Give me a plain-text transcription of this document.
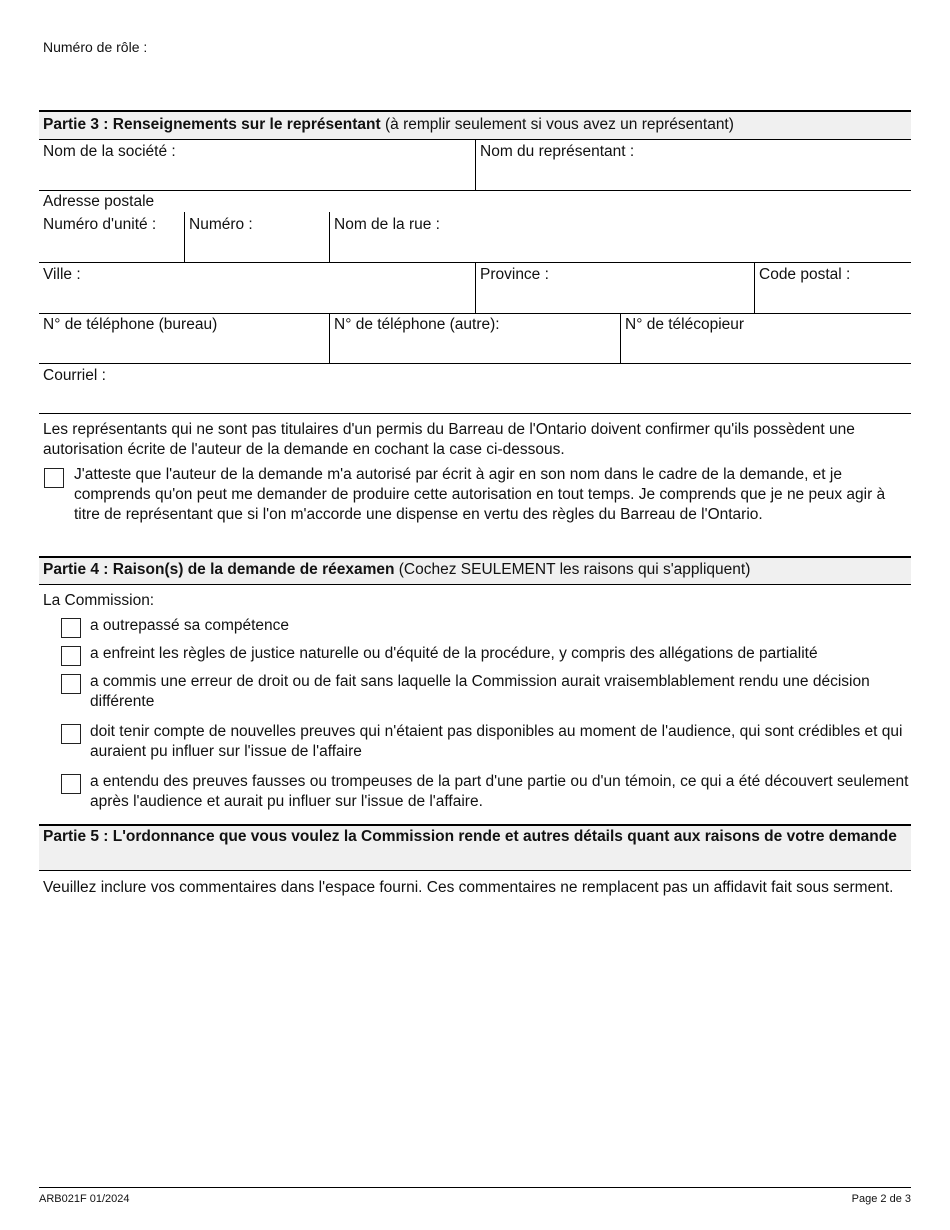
Numéro de rôle :
Partie 3 : Renseignements sur le représentant (à remplir seulement si vous avez un représentant)
Nom de la société :	Nom du représentant :
Adresse postale
Numéro d'unité : Numéro :	Nom de la rue :
Ville :	Province :	Code postal :
N° de téléphone (bureau)	N° de téléphone (autre):	N° de télécopieur
Courriel :
Les représentants qui ne sont pas titulaires d'un permis du Barreau de l'Ontario doivent confirmer qu'ils possèdent une autorisation écrite de l'auteur de la demande en cochant la case ci-dessous.
J'atteste que l'auteur de la demande m'a autorisé par écrit à agir en son nom dans le cadre de la demande, et je comprends qu'on peut me demander de produire cette autorisation en tout temps. Je comprends que je ne peux agir à titre de représentant que si l'on m'accorde une dispense en vertu des règles du Barreau de l'Ontario.
Partie 4 : Raison(s) de la demande de réexamen (Cochez SEULEMENT les raisons qui s'appliquent)
La Commission:
a outrepassé sa compétence
a enfreint les règles de justice naturelle ou d'équité de la procédure, y compris des allégations de partialité
a commis une erreur de droit ou de fait sans laquelle la Commission aurait vraisemblablement rendu une décision différente
doit tenir compte de nouvelles preuves qui n'étaient pas disponibles au moment de l'audience, qui sont crédibles et qui auraient pu influer sur l'issue de l'affaire
a entendu des preuves fausses ou trompeuses de la part d'une partie ou d'un témoin, ce qui a été découvert seulement après l'audience et aurait pu influer sur l'issue de l'affaire.
Partie 5 : L'ordonnance que vous voulez la Commission rende et autres détails quant aux raisons de votre demande
Veuillez inclure vos commentaires dans l'espace fourni. Ces commentaires ne remplacent pas un affidavit fait sous serment.
ARB021F 01/2024	Page 2 de 3
